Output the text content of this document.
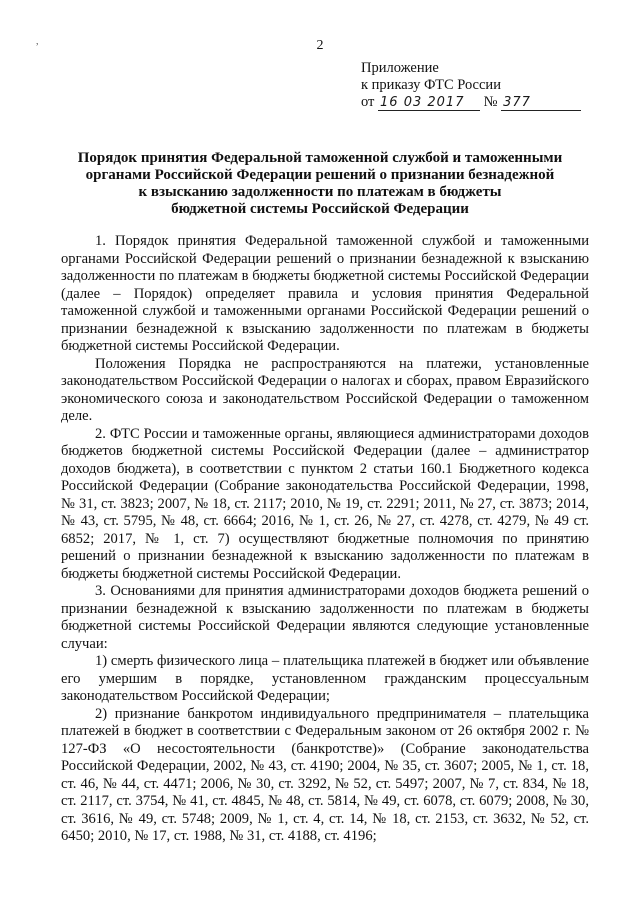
,	2
Приложение
к приказу ФТС России
от 16 03 2017 № 377
Порядок принятия Федеральной таможенной службой и таможенными
органами Российской Федерации решений о признании безнадежной
к взысканию задолженности по платежам в бюджеты
бюджетной системы Российской Федерации

1. Порядок принятия Федеральной таможенной службой и таможенными органами Российской Федерации решений о признании безнадежной к взысканию задолженности по платежам в бюджеты бюджетной системы Российской Федерации (далее – Порядок) определяет правила и условия принятия Федеральной таможенной службой и таможенными органами Российской Федерации решений о признании безнадежной к взысканию задолженности по платежам в бюджеты бюджетной системы Российской Федерации.

Положения Порядка не распространяются на платежи, установленные законодательством Российской Федерации о налогах и сборах, правом Евразийского экономического союза и законодательством Российской Федерации о таможенном деле.

2. ФТС России и таможенные органы, являющиеся администраторами доходов бюджетов бюджетной системы Российской Федерации (далее – администратор доходов бюджета), в соответствии с пунктом 2 статьи 160.1 Бюджетного кодекса Российской Федерации (Собрание законодательства Российской Федерации, 1998, № 31, ст. 3823; 2007, № 18, ст. 2117; 2010, № 19, ст. 2291; 2011, № 27, ст. 3873; 2014, № 43, ст. 5795, № 48, ст. 6664; 2016, № 1, ст. 26, № 27, ст. 4278, ст. 4279, № 49 ст. 6852; 2017, № 1, ст. 7) осуществляют бюджетные полномочия по принятию решений о признании безнадежной к взысканию задолженности по платежам в бюджеты бюджетной системы Российской Федерации.

3. Основаниями для принятия администраторами доходов бюджета решений о признании безнадежной к взысканию задолженности по платежам в бюджеты бюджетной системы Российской Федерации являются следующие установленные случаи:

1) смерть физического лица – плательщика платежей в бюджет или объявление его умершим в порядке, установленном гражданским процессуальным законодательством Российской Федерации;

2) признание банкротом индивидуального предпринимателя – плательщика платежей в бюджет в соответствии с Федеральным законом от 26 октября 2002 г. № 127-ФЗ «О несостоятельности (банкротстве)» (Собрание законодательства Российской Федерации, 2002, № 43, ст. 4190; 2004, № 35, ст. 3607; 2005, № 1, ст. 18, ст. 46, № 44, ст. 4471; 2006, № 30, ст. 3292, № 52, ст. 5497; 2007, № 7, ст. 834, № 18, ст. 2117, ст. 3754, № 41, ст. 4845, № 48, ст. 5814, № 49, ст. 6078, ст. 6079; 2008, № 30, ст. 3616, № 49, ст. 5748; 2009, № 1, ст. 4, ст. 14, № 18, ст. 2153, ст. 3632, № 52, ст. 6450; 2010, № 17, ст. 1988, № 31, ст. 4188, ст. 4196;
